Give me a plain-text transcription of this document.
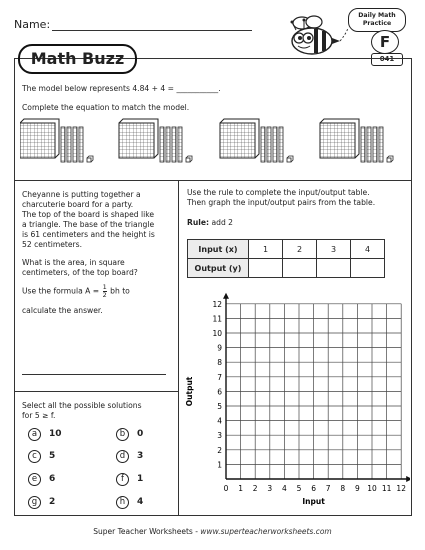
Name:
Daily Math
Practice
F
041
Math Buzz
The model below represents 4.84 + 4 = ___________.
Complete the equation to match the model.
Cheyanne is putting together a
charcuterie board for a party.
The top of the board is shaped like
a triangle. The base of the triangle
is 61 centimeters and the height is
52 centimeters.
What is the area, in square
centimeters, of the top board?
Use the formula $A = \frac{1}{2}$ bh to
calculate the answer.
Select all the possible solutions
for 5 ≥ f.
a 10	b 0
c 5	d 3
e 6	f 1
g 2	h 4
Use the rule to complete the input/output table.
Then graph the input/output pairs from the table.
Rule: add 2
Input (x)	1	2	3	4
Output (y)				
0 1 2 3 4 5 6 7 8 9 10 11 12
1
2
3
4
5
6
7
8
9
10
11
12
Input
Output
Super Teacher Worksheets - www.superteacherworksheets.com
